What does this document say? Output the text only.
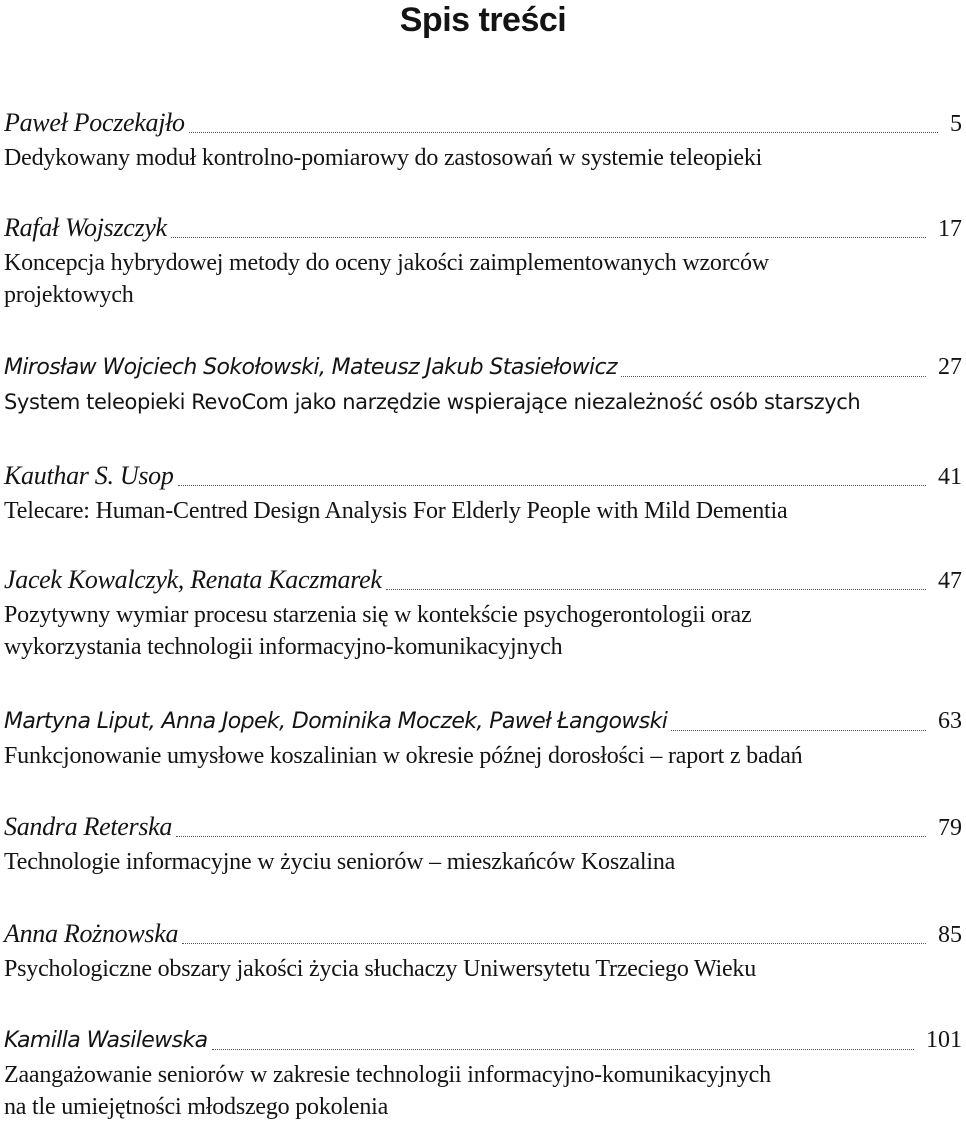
Spis treści
Paweł Poczekajło	5
Dedykowany moduł kontrolno-pomiarowy do zastosowań w systemie teleopieki
Rafał Wojszczyk	17
Koncepcja hybrydowej metody do oceny jakości zaimplementowanych wzorców
projektowych
Mirosław Wojciech Sokołowski, Mateusz Jakub Stasiełowicz	27
System teleopieki RevoCom jako narzędzie wspierające niezależność osób starszych
Kauthar S. Usop	41
Telecare: Human-Centred Design Analysis For Elderly People with Mild Dementia
Jacek Kowalczyk, Renata Kaczmarek	47
Pozytywny wymiar procesu starzenia się w kontekście psychogerontologii oraz
wykorzystania technologii informacyjno-komunikacyjnych
Martyna Liput, Anna Jopek, Dominika Moczek, Paweł Łangowski	63
Funkcjonowanie umysłowe koszalinian w okresie późnej dorosłości – raport z badań
Sandra Reterska	79
Technologie informacyjne w życiu seniorów – mieszkańców Koszalina
Anna Rożnowska	85
Psychologiczne obszary jakości życia słuchaczy Uniwersytetu Trzeciego Wieku
Kamilla Wasilewska	101
Zaangażowanie seniorów w zakresie technologii informacyjno-komunikacyjnych
na tle umiejętności młodszego pokolenia
